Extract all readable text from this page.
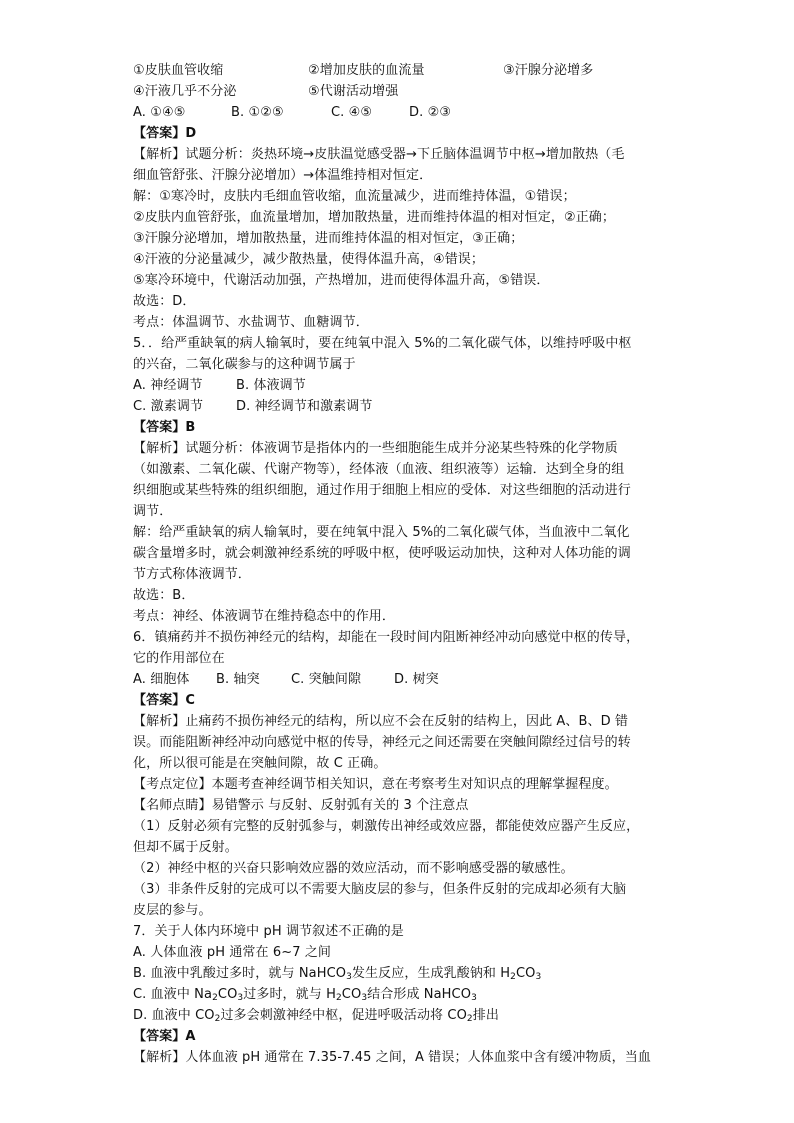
①皮肤血管收缩	②增加皮肤的血流量	③汗腺分泌增多
④汗液几乎不分泌	⑤代谢活动增强
A. ①④⑤	B. ①②⑤	C. ④⑤	D. ②③
【答案】D
【解析】试题分析：炎热环境→皮肤温觉感受器→下丘脑体温调节中枢→增加散热（毛
细血管舒张、汗腺分泌增加）→体温维持相对恒定．
解：①寒冷时，皮肤内毛细血管收缩，血流量减少，进而维持体温，①错误；
②皮肤内血管舒张，血流量增加，增加散热量，进而维持体温的相对恒定，②正确；
③汗腺分泌增加，增加散热量，进而维持体温的相对恒定，③正确；
④汗液的分泌量减少，减少散热量，使得体温升高，④错误；
⑤寒冷环境中，代谢活动加强，产热增加，进而使得体温升高，⑤错误．
故选：D．
考点：体温调节、水盐调节、血糖调节．
5．．给严重缺氧的病人输氧时，要在纯氧中混入 5%的二氧化碳气体，以维持呼吸中枢
的兴奋，二氧化碳参与的这种调节属于
A. 神经调节	B. 体液调节
C. 激素调节	D. 神经调节和激素调节
【答案】B
【解析】试题分析：体液调节是指体内的一些细胞能生成并分泌某些特殊的化学物质
（如激素、二氧化碳、代谢产物等），经体液（血液、组织液等）运输．达到全身的组
织细胞或某些特殊的组织细胞，通过作用于细胞上相应的受体．对这些细胞的活动进行
调节．
解：给严重缺氧的病人输氧时，要在纯氧中混入 5%的二氧化碳气体，当血液中二氧化
碳含量增多时，就会刺激神经系统的呼吸中枢，使呼吸运动加快，这种对人体功能的调
节方式称体液调节．
故选：B．
考点：神经、体液调节在维持稳态中的作用．
6．镇痛药并不损伤神经元的结构，却能在一段时间内阻断神经冲动向感觉中枢的传导，
它的作用部位在
A. 细胞体 B. 轴突 C. 突触间隙	D. 树突
【答案】C
【解析】止痛药不损伤神经元的结构，所以应不会在反射的结构上，因此 A、B、D 错
误。而能阻断神经冲动向感觉中枢的传导，神经元之间还需要在突触间隙经过信号的转
化，所以很可能是在突触间隙，故 C 正确。
【考点定位】本题考查神经调节相关知识，意在考察考生对知识点的理解掌握程度。
【名师点睛】易错警示 与反射、反射弧有关的 3 个注意点
（1）反射必须有完整的反射弧参与，刺激传出神经或效应器，都能使效应器产生反应，
但却不属于反射。
（2）神经中枢的兴奋只影响效应器的效应活动，而不影响感受器的敏感性。
（3）非条件反射的完成可以不需要大脑皮层的参与，但条件反射的完成却必须有大脑
皮层的参与。
7．关于人体内环境中 pH 调节叙述不正确的是
A. 人体血液 pH 通常在 6~7 之间
B. 血液中乳酸过多时，就与 NaHCO$_3$发生反应，生成乳酸钠和 $H_2CO_3$
C. 血液中 $Na_2CO_3$过多时，就与 $H_2CO_3$结合形成 NaHCO$_3$
D. 血液中 $CO_2$过多会刺激神经中枢，促进呼吸活动将 $CO_2$排出
【答案】A
【解析】人体血液 pH 通常在 7.35-7.45 之间，A 错误；人体血浆中含有缓冲物质，当血
